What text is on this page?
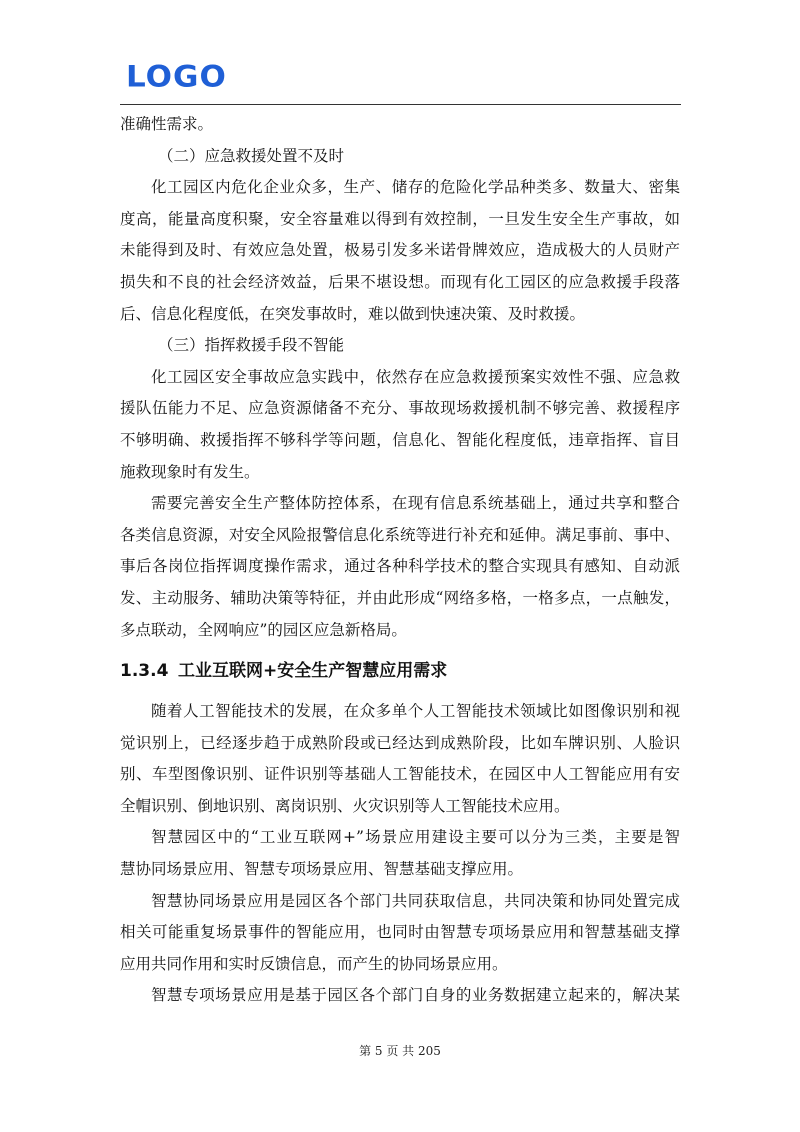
LOGO
准确性需求。
（二）应急救援处置不及时
化工园区内危化企业众多，生产、储存的危险化学品种类多、数量大、密集
度高，能量高度积聚，安全容量难以得到有效控制，一旦发生安全生产事故，如
未能得到及时、有效应急处置，极易引发多米诺骨牌效应，造成极大的人员财产
损失和不良的社会经济效益，后果不堪设想。而现有化工园区的应急救援手段落
后、信息化程度低，在突发事故时，难以做到快速决策、及时救援。
（三）指挥救援手段不智能
化工园区安全事故应急实践中，依然存在应急救援预案实效性不强、应急救
援队伍能力不足、应急资源储备不充分、事故现场救援机制不够完善、救援程序
不够明确、救援指挥不够科学等问题，信息化、智能化程度低，违章指挥、盲目
施救现象时有发生。
需要完善安全生产整体防控体系，在现有信息系统基础上，通过共享和整合
各类信息资源，对安全风险报警信息化系统等进行补充和延伸。满足事前、事中、
事后各岗位指挥调度操作需求，通过各种科学技术的整合实现具有感知、自动派
发、主动服务、辅助决策等特征，并由此形成“网络多格，一格多点，一点触发，
多点联动，全网响应”的园区应急新格局。
1.3.4 工业互联网+安全生产智慧应用需求
随着人工智能技术的发展，在众多单个人工智能技术领域比如图像识别和视
觉识别上，已经逐步趋于成熟阶段或已经达到成熟阶段，比如车牌识别、人脸识
别、车型图像识别、证件识别等基础人工智能技术，在园区中人工智能应用有安
全帽识别、倒地识别、离岗识别、火灾识别等人工智能技术应用。
智慧园区中的“工业互联网+”场景应用建设主要可以分为三类，主要是智
慧协同场景应用、智慧专项场景应用、智慧基础支撑应用。
智慧协同场景应用是园区各个部门共同获取信息，共同决策和协同处置完成
相关可能重复场景事件的智能应用，也同时由智慧专项场景应用和智慧基础支撑
应用共同作用和实时反馈信息，而产生的协同场景应用。
智慧专项场景应用是基于园区各个部门自身的业务数据建立起来的，解决某
第 5 页 共 205
